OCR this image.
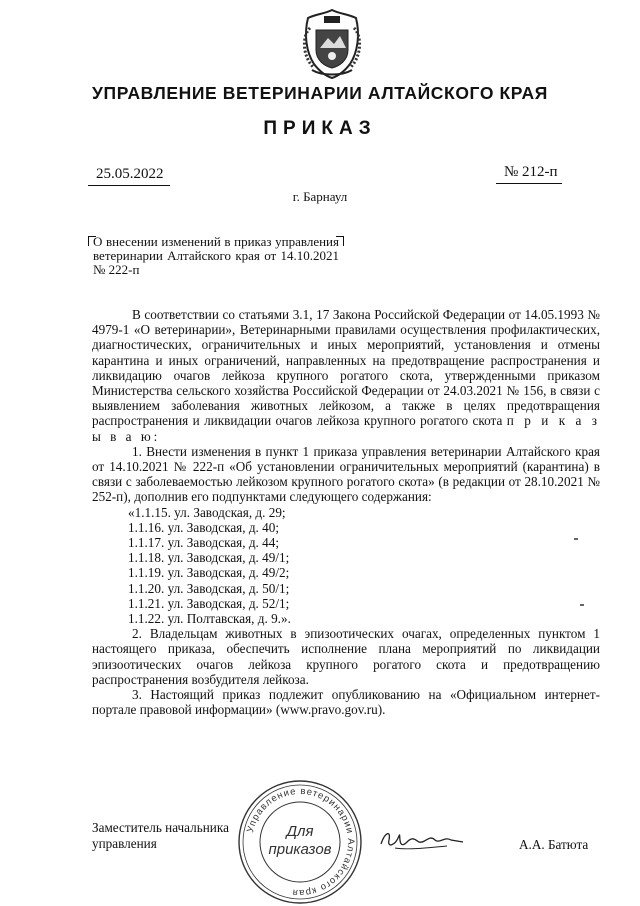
УПРАВЛЕНИЕ ВЕТЕРИНАРИИ АЛТАЙСКОГО КРАЯ
ПРИКАЗ
25.05.2022	№ 212-п
г. Барнаул
О внесении изменений в приказ управления ветеринарии Алтайского края от 14.10.2021 № 222-п

В соответствии со статьями 3.1, 17 Закона Российской Федерации от 14.05.1993 № 4979-1 «О ветеринарии», Ветеринарными правилами осуществления профилактических, диагностических, ограничительных и иных мероприятий, установления и отмены карантина и иных ограничений, направленных на предотвращение распространения и ликвидацию очагов лейкоза крупного рогатого скота, утвержденными приказом Министерства сельского хозяйства Российской Федерации от 24.03.2021 № 156, в связи с выявлением заболевания животных лейкозом, а также в целях предотвращения распространения и ликвидации очагов лейкоза крупного рогатого скота п р и к а з ы в а ю:

1. Внести изменения в пункт 1 приказа управления ветеринарии Алтайского края от 14.10.2021 № 222-п «Об установлении ограничительных мероприятий (карантина) в связи с заболеваемостью лейкозом крупного рогатого скота» (в редакции от 28.10.2021 № 252-п), дополнив его подпунктами следующего содержания:

«1.1.15. ул. Заводская, д. 29;

1.1.16. ул. Заводская, д. 40;

1.1.17. ул. Заводская, д. 44;

1.1.18. ул. Заводская, д. 49/1;

1.1.19. ул. Заводская, д. 49/2;

1.1.20. ул. Заводская, д. 50/1;

1.1.21. ул. Заводская, д. 52/1;

1.1.22. ул. Полтавская, д. 9.».

2. Владельцам животных в эпизоотических очагах, определенных пунктом 1 настоящего приказа, обеспечить исполнение плана мероприятий по ликвидации эпизоотических очагов лейкоза крупного рогатого скота и предотвращению распространения возбудителя лейкоза.

3. Настоящий приказ подлежит опубликованию на «Официальном интернет-портале правовой информации» (www.pravo.gov.ru).

Управление ветеринарии Алтайского края
Для
приказов
Заместитель начальника
управления	А.А. Батюта
